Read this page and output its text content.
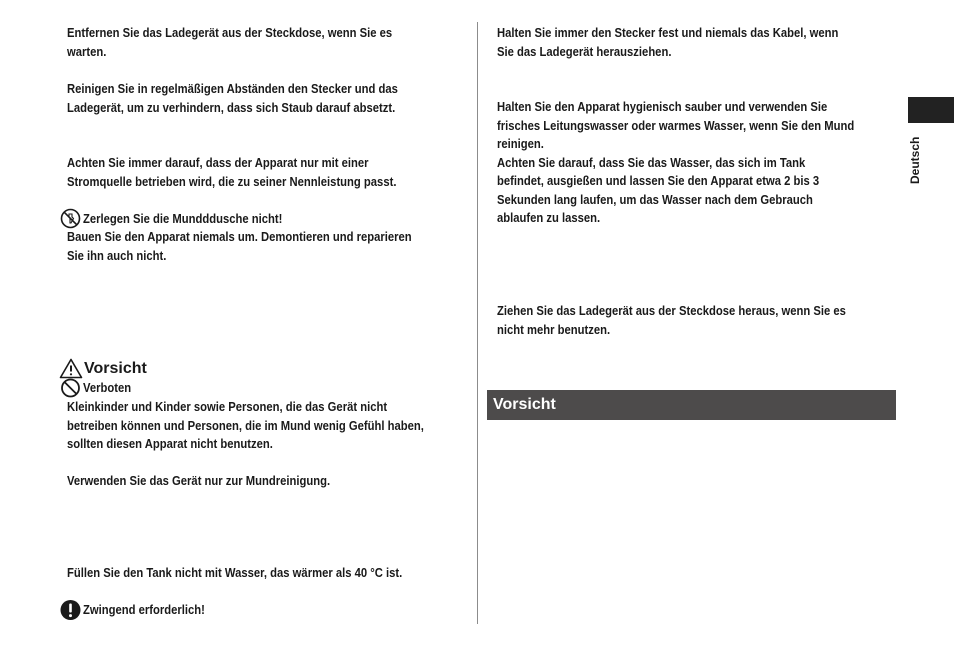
Entfernen Sie das Ladegerät aus der Steckdose, wenn Sie es
warten.

Reinigen Sie in regelmäßigen Abständen den Stecker und das
Ladegerät, um zu verhindern, dass sich Staub darauf absetzt.

Achten Sie immer darauf, dass der Apparat nur mit einer
Stromquelle betrieben wird, die zu seiner Nennleistung passt.

Zerlegen Sie die Mundddusche nicht!

Bauen Sie den Apparat niemals um. Demontieren und reparieren
Sie ihn auch nicht.

Vorsicht
Verboten

Kleinkinder und Kinder sowie Personen, die das Gerät nicht
betreiben können und Personen, die im Mund wenig Gefühl haben,
sollten diesen Apparat nicht benutzen.

Verwenden Sie das Gerät nur zur Mundreinigung.

Füllen Sie den Tank nicht mit Wasser, das wärmer als 40 °C ist.

Zwingend erforderlich!

Halten Sie immer den Stecker fest und niemals das Kabel, wenn
Sie das Ladegerät herausziehen.

Halten Sie den Apparat hygienisch sauber und verwenden Sie
frisches Leitungswasser oder warmes Wasser, wenn Sie den Mund
reinigen.
Achten Sie darauf, dass Sie das Wasser, das sich im Tank
befindet, ausgießen und lassen Sie den Apparat etwa 2 bis 3
Sekunden lang laufen, um das Wasser nach dem Gebrauch
ablaufen zu lassen.

Ziehen Sie das Ladegerät aus der Steckdose heraus, wenn Sie es
nicht mehr benutzen.

Vorsicht
Deutsch
